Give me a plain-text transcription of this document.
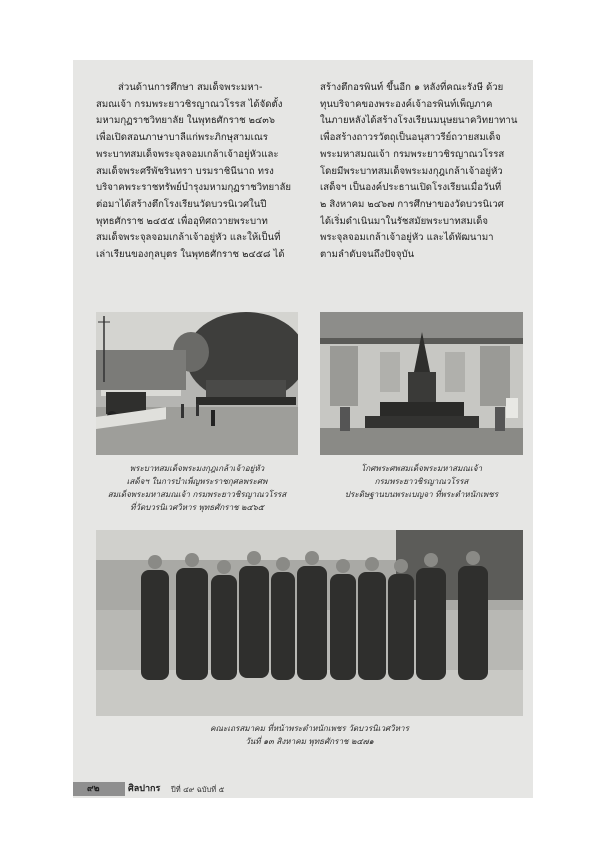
ส่วนด้านการศึกษา สมเด็จพระมหา-
สมณเจ้า กรมพระยาวชิรญาณวโรรส ได้จัดตั้ง
มหามกุฏราชวิทยาลัย ในพุทธศักราช ๒๔๓๖
เพื่อเปิดสอนภาษาบาลีแก่พระภิกษุสามเณร
พระบาทสมเด็จพระจุลจอมเกล้าเจ้าอยู่หัวและ
สมเด็จพระศรีพัชรินทรา บรมราชินีนาถ ทรง
บริจาคพระราชทรัพย์บำรุงมหามกุฏราชวิทยาลัย
ต่อมาได้สร้างตึกโรงเรียนวัดบวรนิเวศในปี
พุทธศักราช ๒๔๕๕ เพื่ออุทิศถวายพระบาท
สมเด็จพระจุลจอมเกล้าเจ้าอยู่หัว และให้เป็นที่
เล่าเรียนของกุลบุตร ในพุทธศักราช ๒๔๕๘ ได้
สร้างตึกอรพินท์ ขึ้นอีก ๑ หลังที่คณะรังษี ด้วย
ทุนบริจาคของพระองค์เจ้าอรพินท์เพ็ญภาค
ในภายหลังได้สร้างโรงเรียนมนุษยนาควิทยาทาน
เพื่อสร้างถาวรวัตถุเป็นอนุสาวรีย์ถวายสมเด็จ
พระมหาสมณเจ้า กรมพระยาวชิรญาณวโรรส
โดยมีพระบาทสมเด็จพระมงกุฎเกล้าเจ้าอยู่หัว
เสด็จฯ เป็นองค์ประธานเปิดโรงเรียนเมื่อวันที่
๒ สิงหาคม ๒๔๖๗ การศึกษาของวัดบวรนิเวศ
ได้เริ่มดำเนินมาในรัชสมัยพระบาทสมเด็จ
พระจุลจอมเกล้าเจ้าอยู่หัว และได้พัฒนามา
ตามลำดับจนถึงปัจจุบัน
พระบาทสมเด็จพระมงกุฎเกล้าเจ้าอยู่หัว
เสด็จฯ ในการบำเพ็ญพระราชกุศลพระศพ
สมเด็จพระมหาสมณเจ้า กรมพระยาวชิรญาณวโรรส
ที่วัดบวรนิเวศวิหาร พุทธศักราช ๒๔๖๕
โกศพระศพสมเด็จพระมหาสมณเจ้า
กรมพระยาวชิรญาณวโรรส
ประดิษฐานบนพระเบญจา ที่พระตำหนักเพชร
คณะเถรสมาคม ที่หน้าพระตำหนักเพชร วัดบวรนิเวศวิหาร
วันที่ ๑๓ สิงหาคม พุทธศักราช ๒๔๗๑
๙๒	ศิลปากร ปีที่ ๔๙ ฉบับที่ ๕
